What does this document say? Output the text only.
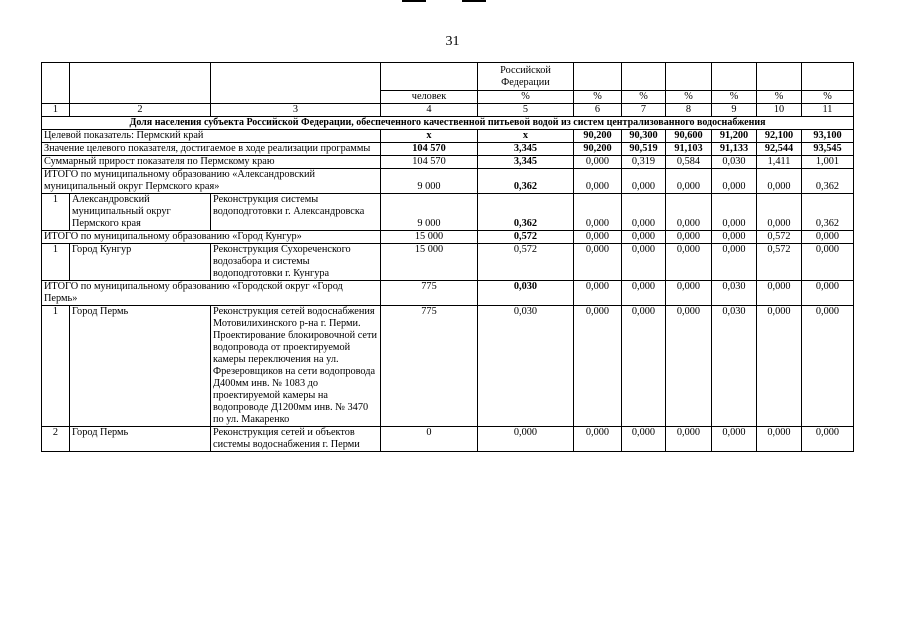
31
				Российской Федерации						
			человек	%	%	%	%	%	%	%
1	2	3	4	5	6	7	8	9	10	11
Доля населения субъекта Российской Федерации, обеспеченного качественной питьевой водой из систем централизованного водоснабжения										
Целевой показатель: Пермский край			x	x	90,200	90,300	90,600	91,200	92,100	93,100
Значение целевого показателя, достигаемое в ходе реализации программы			104 570	3,345	90,200	90,519	91,103	91,133	92,544	93,545
Суммарный прирост показателя по Пермскому краю			104 570	3,345	0,000	0,319	0,584	0,030	1,411	1,001
ИТОГО по муниципальному образованию «Александровский муниципальный округ Пермского края»			9 000	0,362	0,000	0,000	0,000	0,000	0,000	0,362
1	Александровский муниципальный округ Пермского края	Реконструкция системы водоподготовки г. Александровска	9 000	0,362	0,000	0,000	0,000	0,000	0,000	0,362
ИТОГО по муниципальному образованию «Город Кунгур»			15 000	0,572	0,000	0,000	0,000	0,000	0,572	0,000
1	Город Кунгур	Реконструкция Сухореченского водозабора и системы водоподготовки г. Кунгура	15 000	0,572	0,000	0,000	0,000	0,000	0,572	0,000
ИТОГО по муниципальному образованию «Городской округ «Город Пермь»			775	0,030	0,000	0,000	0,000	0,030	0,000	0,000
1	Город Пермь	Реконструкция сетей водоснабжения Мотовилихинского р-на г. Перми. Проектирование блокировочной сети водопровода от проектируемой камеры переключения на ул. Фрезеровщиков на сети водопровода Д400мм инв. № 1083 до проектируемой камеры на водопроводе Д1200мм инв. № 3470 по ул. Макаренко	775	0,030	0,000	0,000	0,000	0,030	0,000	0,000
2	Город Пермь	Реконструкция сетей и объектов системы водоснабжения г. Перми	0	0,000	0,000	0,000	0,000	0,000	0,000	0,000
